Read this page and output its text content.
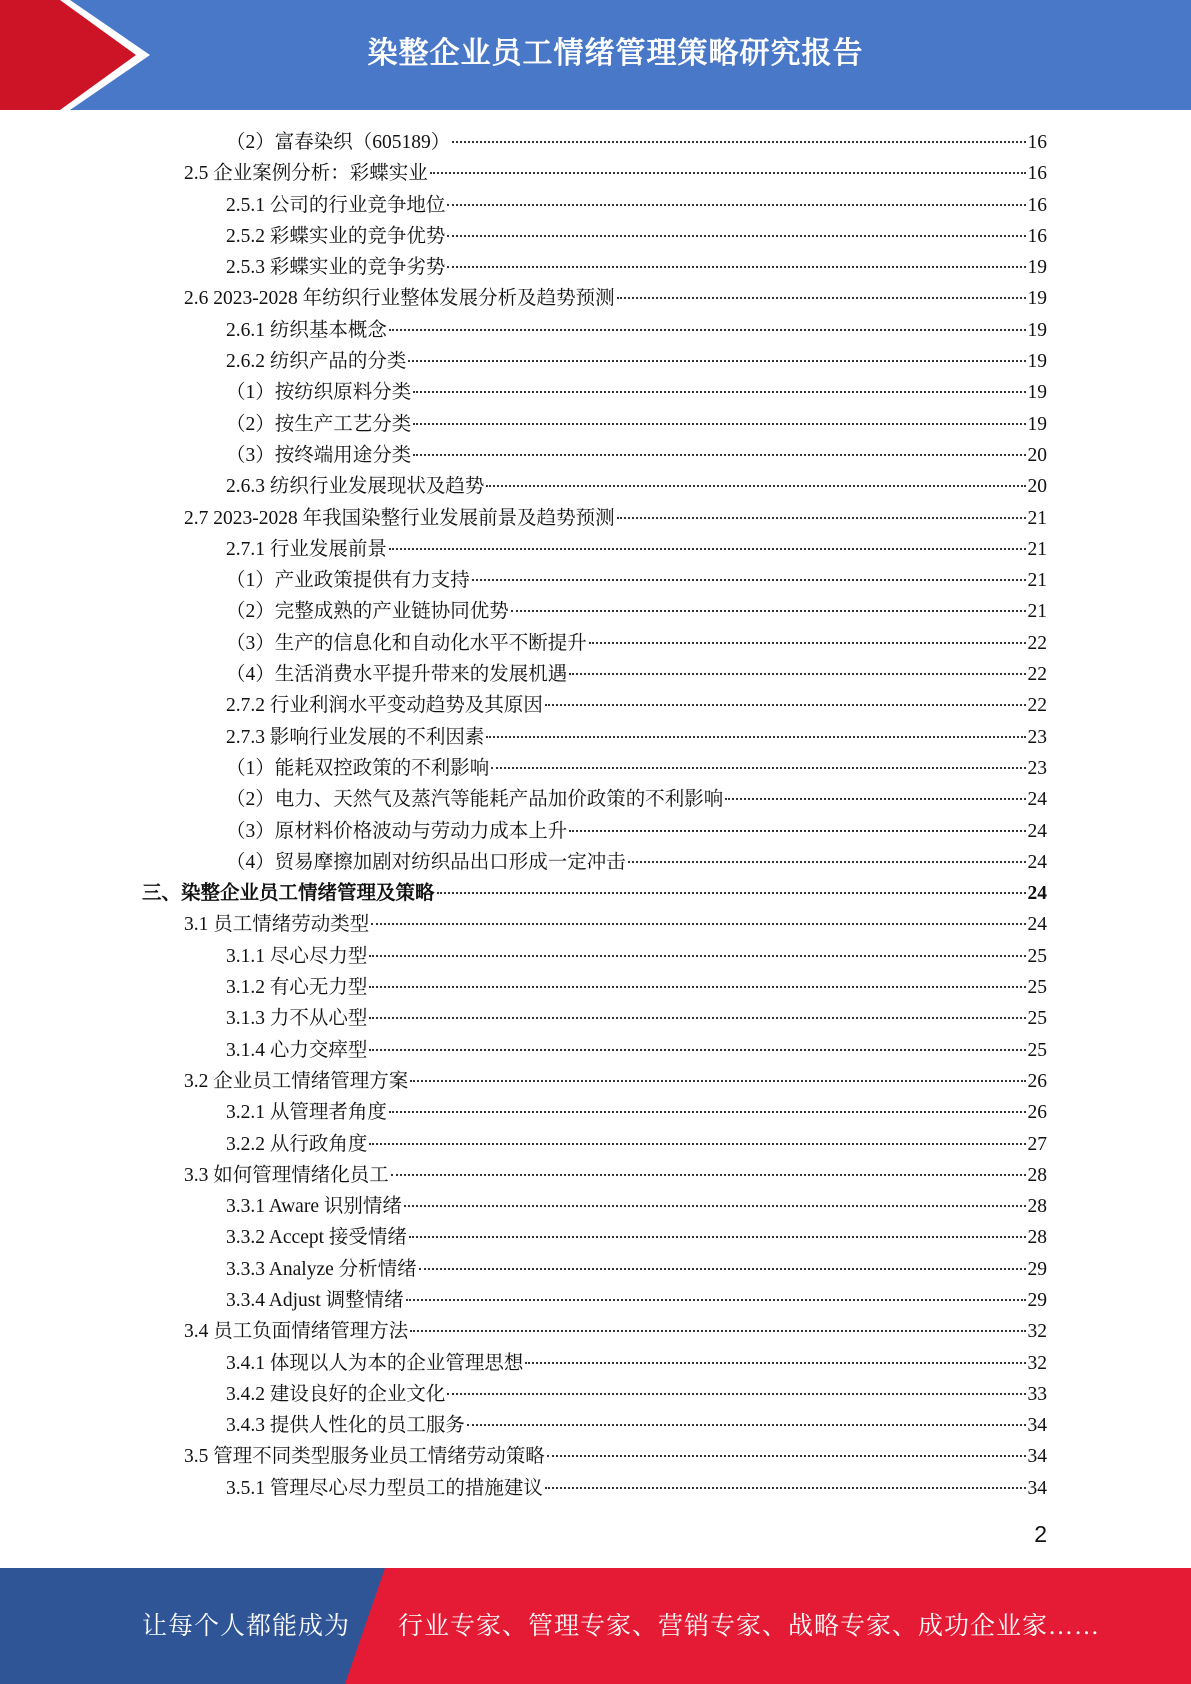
染整企业员工情绪管理策略研究报告
（2）富春染织（605189）	16
2.5 企业案例分析：彩蝶实业	16
2.5.1 公司的行业竞争地位	16
2.5.2 彩蝶实业的竞争优势	16
2.5.3 彩蝶实业的竞争劣势	19
2.6 2023-2028 年纺织行业整体发展分析及趋势预测	19
2.6.1 纺织基本概念	19
2.6.2 纺织产品的分类	19
（1）按纺织原料分类	19
（2）按生产工艺分类	19
（3）按终端用途分类	20
2.6.3 纺织行业发展现状及趋势	20
2.7 2023-2028 年我国染整行业发展前景及趋势预测	21
2.7.1 行业发展前景	21
（1）产业政策提供有力支持	21
（2）完整成熟的产业链协同优势	21
（3）生产的信息化和自动化水平不断提升	22
（4）生活消费水平提升带来的发展机遇	22
2.7.2 行业利润水平变动趋势及其原因	22
2.7.3 影响行业发展的不利因素	23
（1）能耗双控政策的不利影响	23
（2）电力、天然气及蒸汽等能耗产品加价政策的不利影响	24
（3）原材料价格波动与劳动力成本上升	24
（4）贸易摩擦加剧对纺织品出口形成一定冲击	24
三、染整企业员工情绪管理及策略	24
3.1 员工情绪劳动类型	24
3.1.1 尽心尽力型	25
3.1.2 有心无力型	25
3.1.3 力不从心型	25
3.1.4 心力交瘁型	25
3.2 企业员工情绪管理方案	26
3.2.1 从管理者角度	26
3.2.2 从行政角度	27
3.3 如何管理情绪化员工	28
3.3.1 Aware 识别情绪	28
3.3.2 Accept 接受情绪	28
3.3.3 Analyze 分析情绪	29
3.3.4 Adjust 调整情绪	29
3.4 员工负面情绪管理方法	32
3.4.1 体现以人为本的企业管理思想	32
3.4.2 建设良好的企业文化	33
3.4.3 提供人性化的员工服务	34
3.5 管理不同类型服务业员工情绪劳动策略	34
3.5.1 管理尽心尽力型员工的措施建议	34
2
让每个人都能成为 行业专家、管理专家、营销专家、战略专家、成功企业家……
